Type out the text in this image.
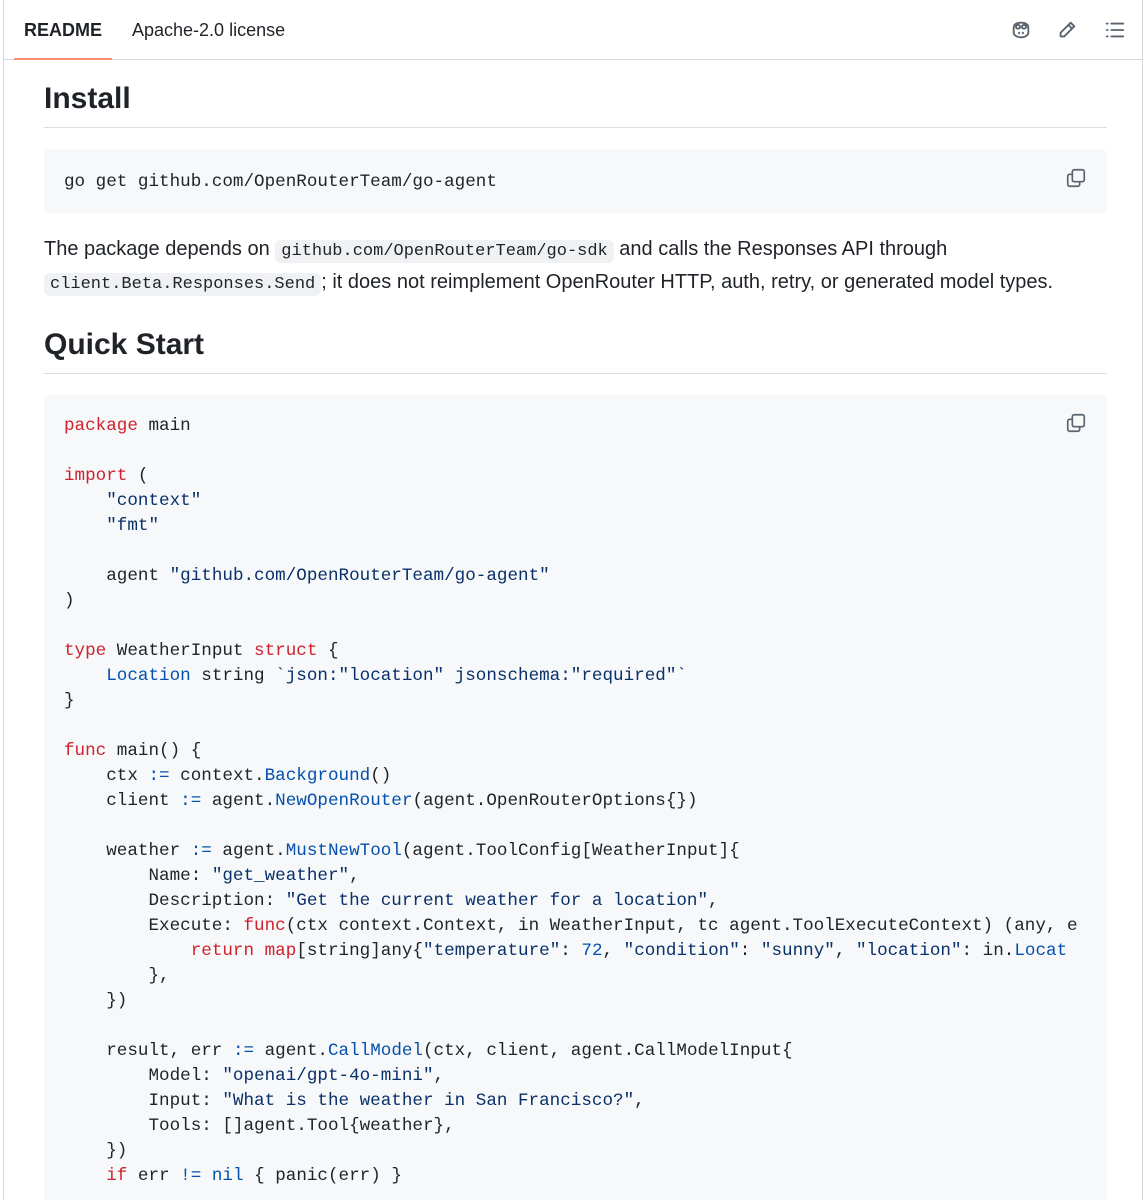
README	Apache-2.0 license
Install
go get github.com/OpenRouterTeam/go-agent

The package depends on github.com/OpenRouterTeam/go-sdk and calls the Responses API through client.Beta.Responses.Send ; it does not reimplement OpenRouter HTTP, auth, retry, or generated model types.

Quick Start
package main
import (
"context"
"fmt"
agent "github.com/OpenRouterTeam/go-agent"
)
type WeatherInput struct {
Location string `json:"location" jsonschema:"required"`
}
func main() {
ctx := context.Background()
client := agent.NewOpenRouter(agent.OpenRouterOptions{})
weather := agent.MustNewTool(agent.ToolConfig[WeatherInput]{
Name: "get_weather",
Description: "Get the current weather for a location",
Execute: func(ctx context.Context, in WeatherInput, tc agent.ToolExecuteContext) (any, e
return map[string]any{"temperature": 72, "condition": "sunny", "location": in.Locat
},
})
result, err := agent.CallModel(ctx, client, agent.CallModelInput{
Model: "openai/gpt-4o-mini",
Input: "What is the weather in San Francisco?",
Tools: []agent.Tool{weather},
})
if err != nil { panic(err) }
